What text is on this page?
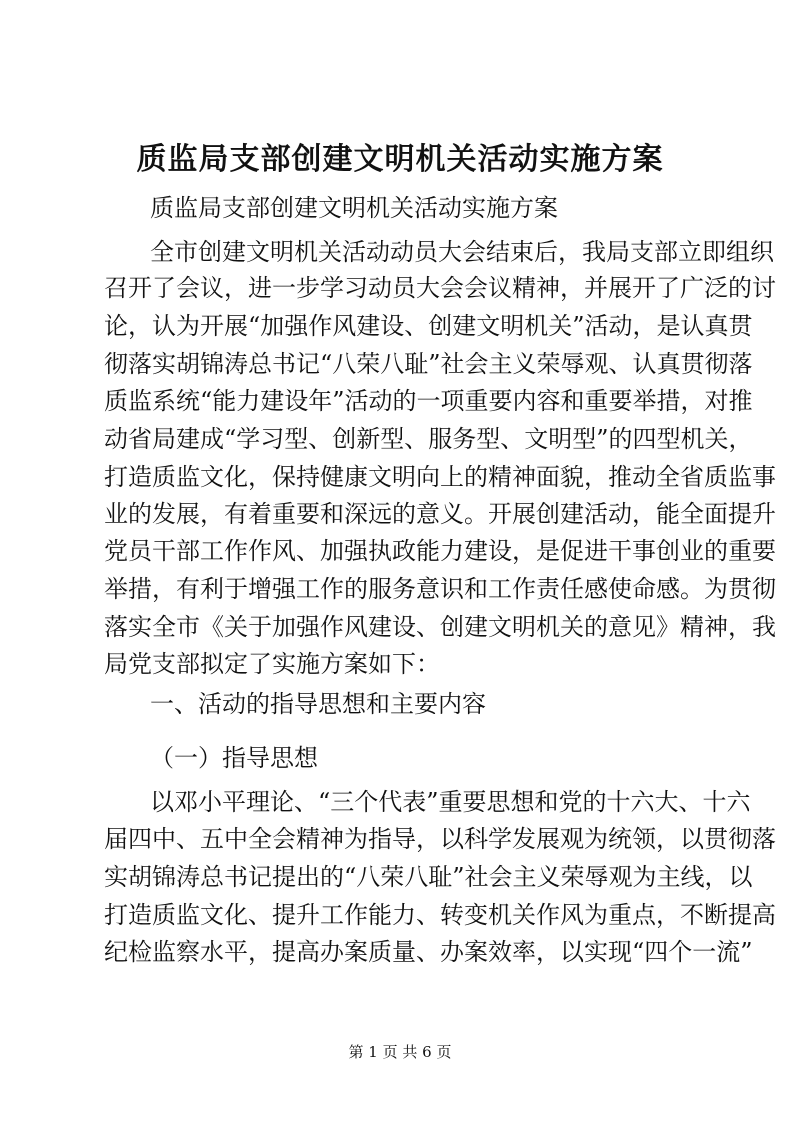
质监局支部创建文明机关活动实施方案
质监局支部创建文明机关活动实施方案
全市创建文明机关活动动员大会结束后，我局支部立即组织
召开了会议，进一步学习动员大会会议精神，并展开了广泛的讨
论，认为开展“加强作风建设、创建文明机关”活动，是认真贯
彻落实胡锦涛总书记“八荣八耻”社会主义荣辱观、认真贯彻落
质监系统“能力建设年”活动的一项重要内容和重要举措，对推
动省局建成“学习型、创新型、服务型、文明型”的四型机关，
打造质监文化，保持健康文明向上的精神面貌，推动全省质监事
业的发展，有着重要和深远的意义。开展创建活动，能全面提升
党员干部工作作风、加强执政能力建设，是促进干事创业的重要
举措，有利于增强工作的服务意识和工作责任感使命感。为贯彻
落实全市《关于加强作风建设、创建文明机关的意见》精神，我
局党支部拟定了实施方案如下：
一、活动的指导思想和主要内容
（一）指导思想
以邓小平理论、“三个代表”重要思想和党的十六大、十六
届四中、五中全会精神为指导，以科学发展观为统领，以贯彻落
实胡锦涛总书记提出的“八荣八耻”社会主义荣辱观为主线，以
打造质监文化、提升工作能力、转变机关作风为重点，不断提高
纪检监察水平，提高办案质量、办案效率，以实现“四个一流”
第 1 页 共 6 页
